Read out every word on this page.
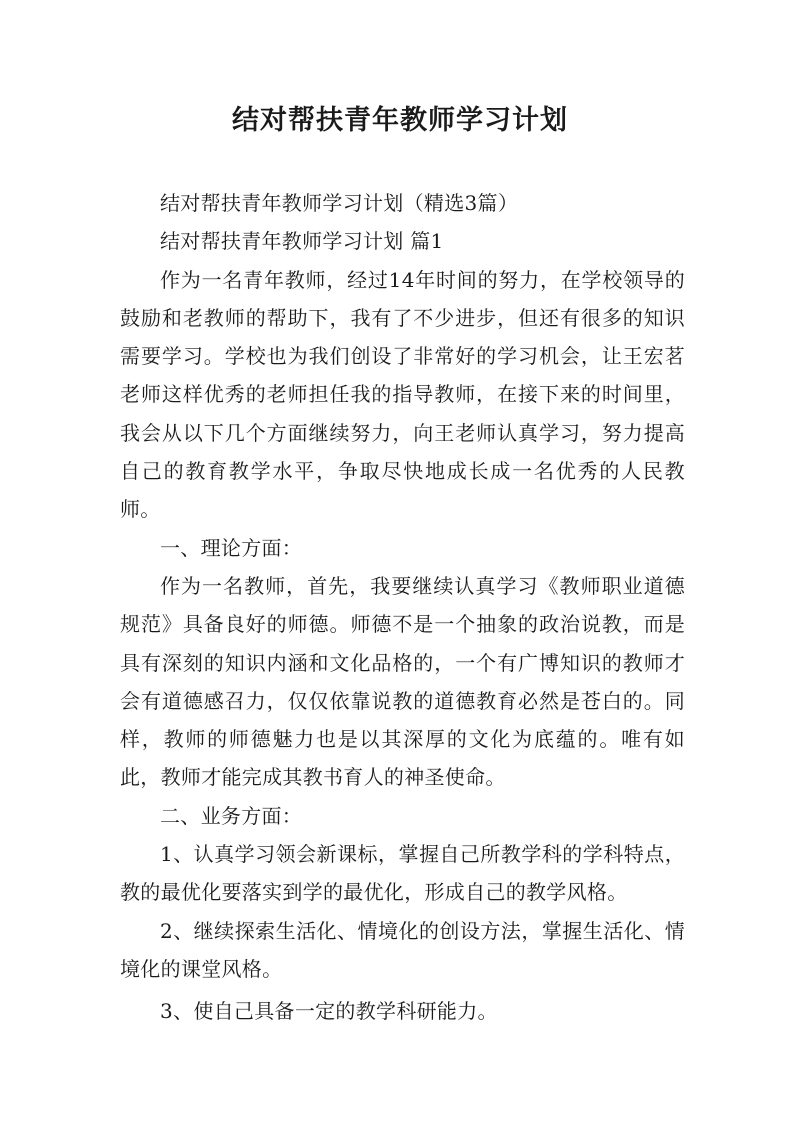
结对帮扶青年教师学习计划

结对帮扶青年教师学习计划（精选3篇）

结对帮扶青年教师学习计划 篇1

作为一名青年教师，经过14年时间的努力，在学校领导的鼓励和老教师的帮助下，我有了不少进步，但还有很多的知识需要学习。学校也为我们创设了非常好的学习机会，让王宏茗老师这样优秀的老师担任我的指导教师，在接下来的时间里，我会从以下几个方面继续努力，向王老师认真学习，努力提高自己的教育教学水平，争取尽快地成长成一名优秀的人民教师。

一、理论方面：

作为一名教师，首先，我要继续认真学习《教师职业道德规范》具备良好的师德。师德不是一个抽象的政治说教，而是具有深刻的知识内涵和文化品格的，一个有广博知识的教师才会有道德感召力，仅仅依靠说教的道德教育必然是苍白的。同样，教师的师德魅力也是以其深厚的文化为底蕴的。唯有如此，教师才能完成其教书育人的神圣使命。

二、业务方面：

1、认真学习领会新课标，掌握自己所教学科的学科特点，教的最优化要落实到学的最优化，形成自己的教学风格。

2、继续探索生活化、情境化的创设方法，掌握生活化、情境化的课堂风格。

3、使自己具备一定的教学科研能力。
